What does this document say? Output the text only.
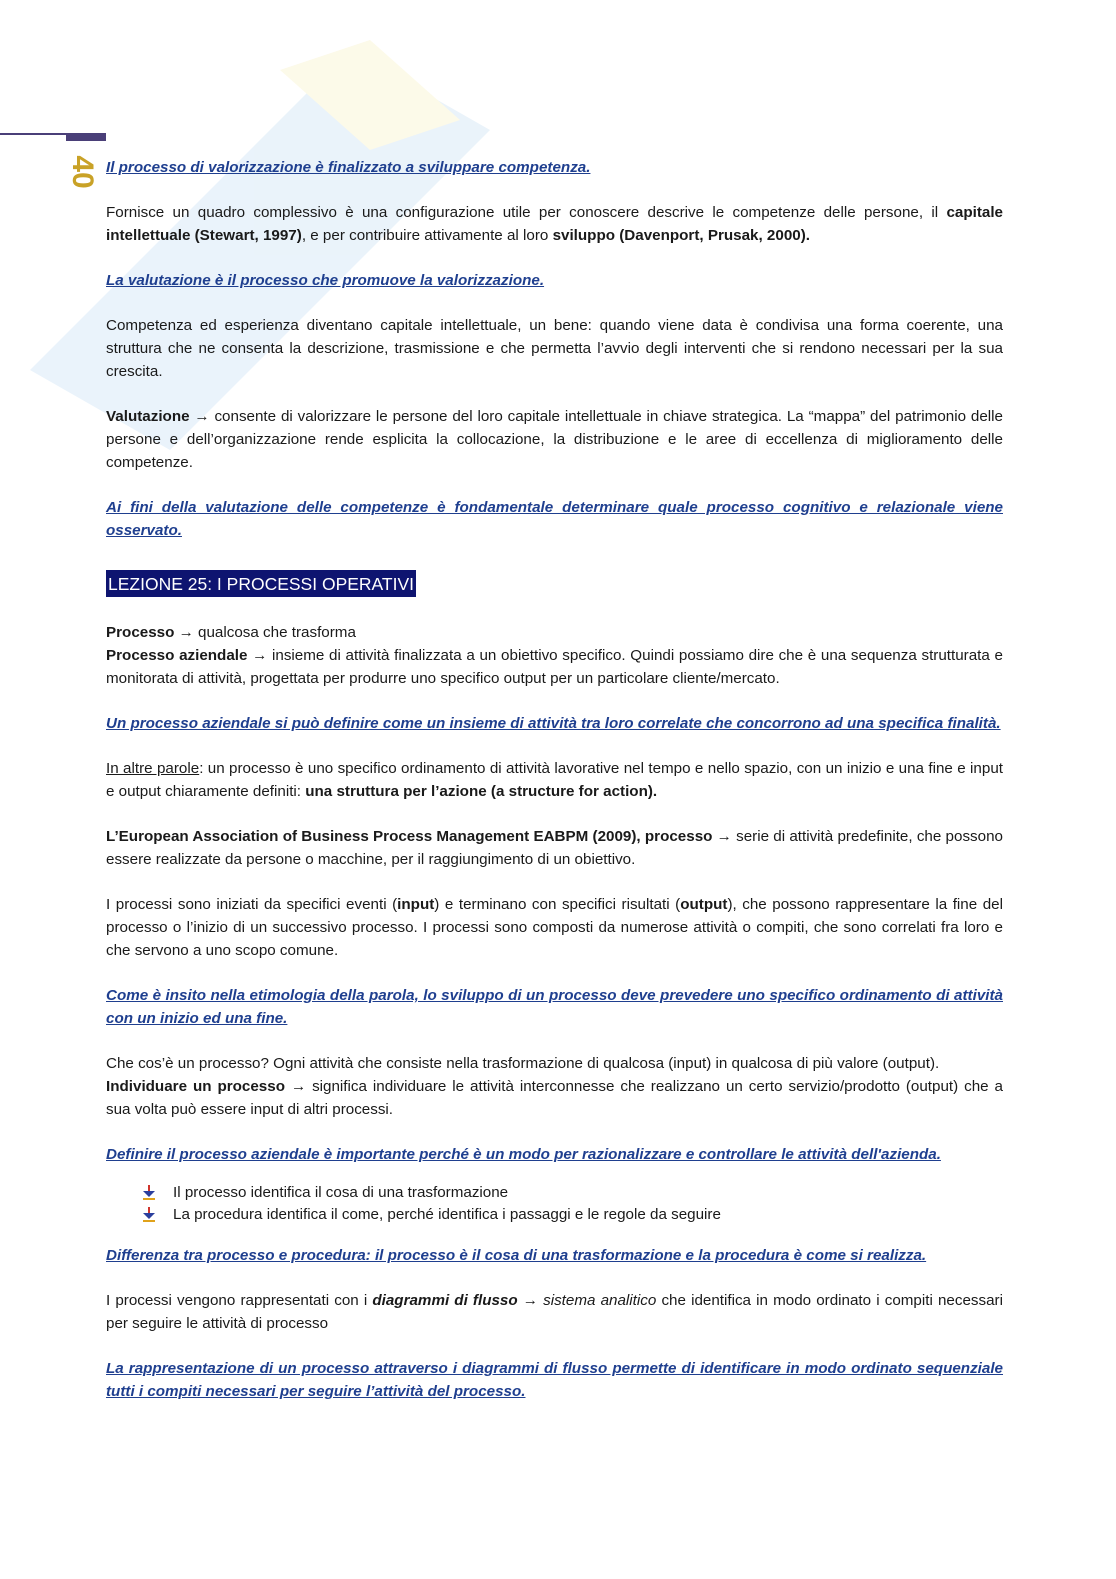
40 Il processo di valorizzazione è finalizzato a sviluppare competenza.

Fornisce un quadro complessivo è una configurazione utile per conoscere descrive le competenze delle persone, il capitale intellettuale (Stewart, 1997), e per contribuire attivamente al loro sviluppo (Davenport, Prusak, 2000).

La valutazione è il processo che promuove la valorizzazione.

Competenza ed esperienza diventano capitale intellettuale, un bene: quando viene data è condivisa una forma coerente, una struttura che ne consenta la descrizione, trasmissione e che permetta l’avvio degli interventi che si rendono necessari per la sua crescita.

Valutazione → consente di valorizzare le persone del loro capitale intellettuale in chiave strategica. La “mappa” del patrimonio delle persone e dell’organizzazione rende esplicita la collocazione, la distribuzione e le aree di eccellenza di miglioramento delle competenze.

Ai fini della valutazione delle competenze è fondamentale determinare quale processo cognitivo e relazionale viene osservato.

LEZIONE 25: I PROCESSI OPERATIVI

Processo → qualcosa che trasforma

Processo aziendale → insieme di attività finalizzata a un obiettivo specifico. Quindi possiamo dire che è una sequenza strutturata e monitorata di attività, progettata per produrre uno specifico output per un particolare cliente/mercato.

Un processo aziendale si può definire come un insieme di attività tra loro correlate che concorrono ad una specifica finalità.

In altre parole: un processo è uno specifico ordinamento di attività lavorative nel tempo e nello spazio, con un inizio e una fine e input e output chiaramente definiti: una struttura per l’azione (a structure for action).

L’European Association of Business Process Management EABPM (2009), processo → serie di attività predefinite, che possono essere realizzate da persone o macchine, per il raggiungimento di un obiettivo.

I processi sono iniziati da specifici eventi (input) e terminano con specifici risultati (output), che possono rappresentare la fine del processo o l’inizio di un successivo processo. I processi sono composti da numerose attività o compiti, che sono correlati fra loro e che servono a uno scopo comune.

Come è insito nella etimologia della parola, lo sviluppo di un processo deve prevedere uno specifico ordinamento di attività con un inizio ed una fine.

Che cos’è un processo? Ogni attività che consiste nella trasformazione di qualcosa (input) in qualcosa di più valore (output).

Individuare un processo → significa individuare le attività interconnesse che realizzano un certo servizio/prodotto (output) che a sua volta può essere input di altri processi.

Definire il processo aziendale è importante perché è un modo per razionalizzare e controllare le attività dell'azienda.

Il processo identifica il cosa di una trasformazione
La procedura identifica il come, perché identifica i passaggi e le regole da seguire

Differenza tra processo e procedura: il processo è il cosa di una trasformazione e la procedura è come si realizza.

I processi vengono rappresentati con i diagrammi di flusso → sistema analitico che identifica in modo ordinato i compiti necessari per seguire le attività di processo

La rappresentazione di un processo attraverso i diagrammi di flusso permette di identificare in modo ordinato sequenziale tutti i compiti necessari per seguire l’attività del processo.
